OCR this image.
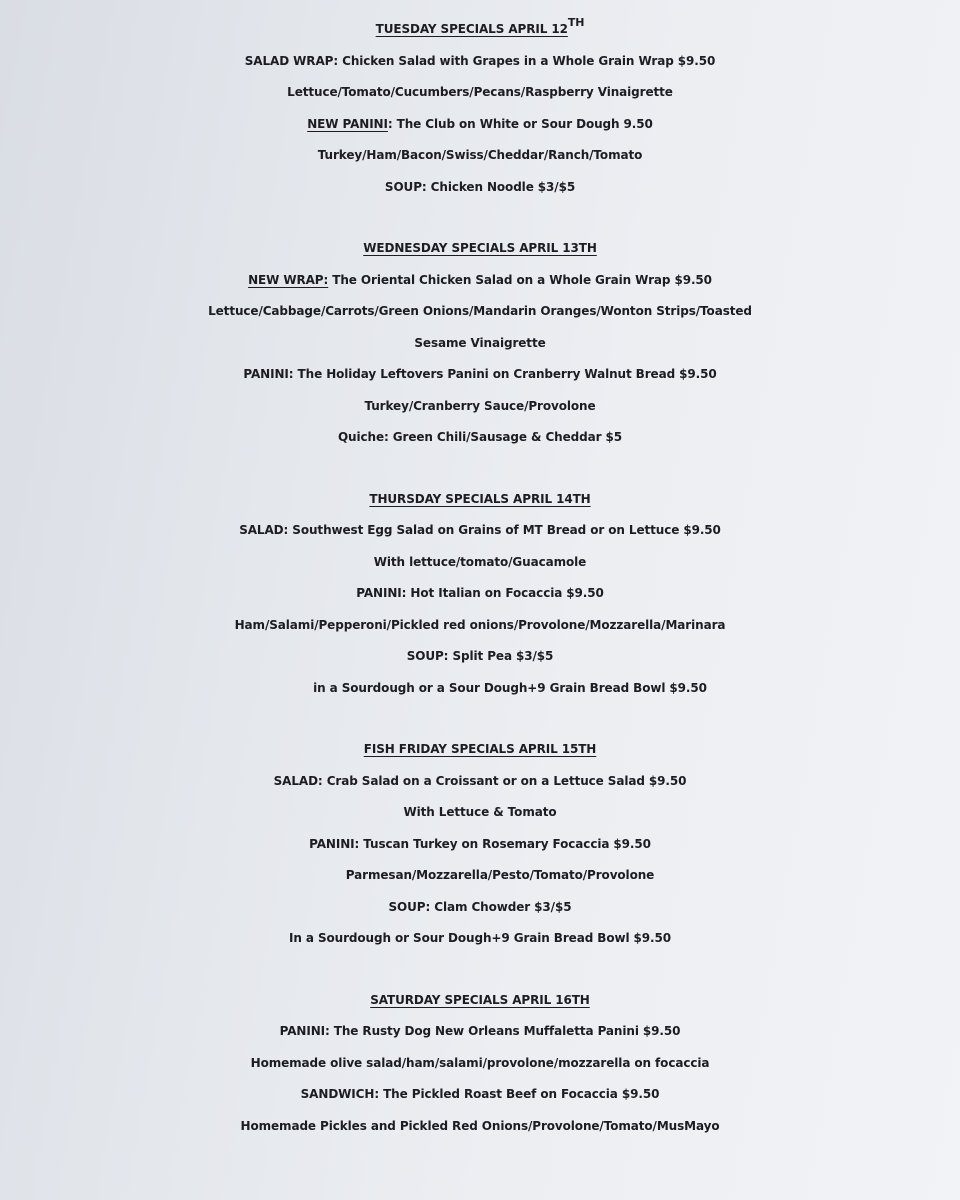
TUESDAY SPECIALS APRIL 12TH
SALAD WRAP: Chicken Salad with Grapes in a Whole Grain Wrap $9.50
Lettuce/Tomato/Cucumbers/Pecans/Raspberry Vinaigrette
NEW PANINI: The Club on White or Sour Dough 9.50
Turkey/Ham/Bacon/Swiss/Cheddar/Ranch/Tomato
SOUP: Chicken Noodle $3/$5
WEDNESDAY SPECIALS APRIL 13TH
NEW WRAP: The Oriental Chicken Salad on a Whole Grain Wrap $9.50
Lettuce/Cabbage/Carrots/Green Onions/Mandarin Oranges/Wonton Strips/Toasted
Sesame Vinaigrette
PANINI: The Holiday Leftovers Panini on Cranberry Walnut Bread $9.50
Turkey/Cranberry Sauce/Provolone
Quiche: Green Chili/Sausage & Cheddar $5
THURSDAY SPECIALS APRIL 14TH
SALAD: Southwest Egg Salad on Grains of MT Bread or on Lettuce $9.50
With lettuce/tomato/Guacamole
PANINI: Hot Italian on Focaccia $9.50
Ham/Salami/Pepperoni/Pickled red onions/Provolone/Mozzarella/Marinara
SOUP: Split Pea $3/$5
in a Sourdough or a Sour Dough+9 Grain Bread Bowl $9.50
FISH FRIDAY SPECIALS APRIL 15TH
SALAD: Crab Salad on a Croissant or on a Lettuce Salad $9.50
With Lettuce & Tomato
PANINI: Tuscan Turkey on Rosemary Focaccia $9.50
Parmesan/Mozzarella/Pesto/Tomato/Provolone
SOUP: Clam Chowder $3/$5
In a Sourdough or Sour Dough+9 Grain Bread Bowl $9.50
SATURDAY SPECIALS APRIL 16TH
PANINI: The Rusty Dog New Orleans Muffaletta Panini $9.50
Homemade olive salad/ham/salami/provolone/mozzarella on focaccia
SANDWICH: The Pickled Roast Beef on Focaccia $9.50
Homemade Pickles and Pickled Red Onions/Provolone/Tomato/MusMayo
